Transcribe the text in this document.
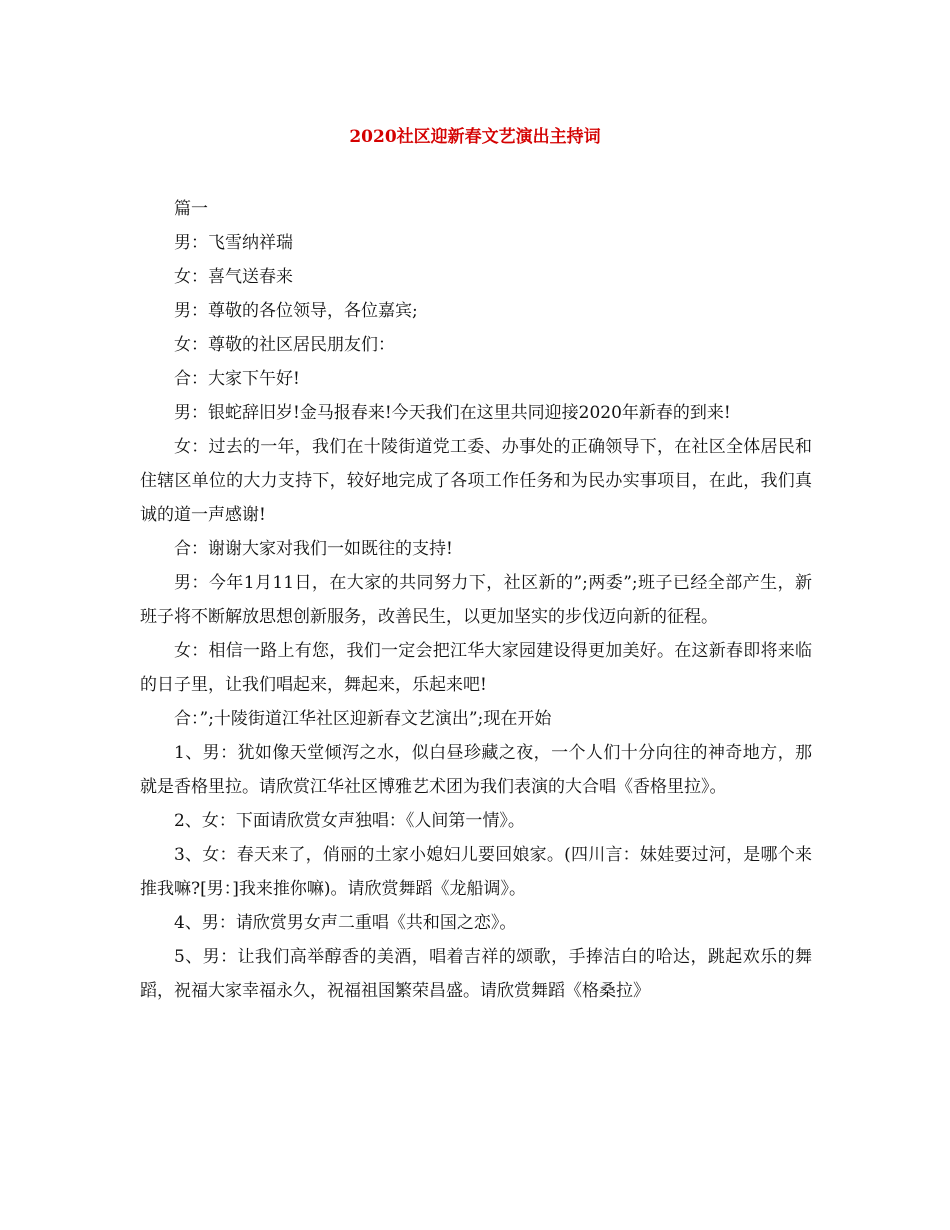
2020社区迎新春文艺演出主持词

篇一

男：飞雪纳祥瑞

女：喜气送春来

男：尊敬的各位领导，各位嘉宾;

女：尊敬的社区居民朋友们：

合：大家下午好!

男：银蛇辞旧岁!金马报春来!今天我们在这里共同迎接2020年新春的到来!

女：过去的一年，我们在十陵街道党工委、办事处的正确领导下，在社区全体居民和住辖区单位的大力支持下，较好地完成了各项工作任务和为民办实事项目，在此，我们真诚的道一声感谢!

合：谢谢大家对我们一如既往的支持!

男：今年1月11日，在大家的共同努力下，社区新的”;两委”;班子已经全部产生，新班子将不断解放思想创新服务，改善民生，以更加坚实的步伐迈向新的征程。

女：相信一路上有您，我们一定会把江华大家园建设得更加美好。在这新春即将来临的日子里，让我们唱起来，舞起来，乐起来吧!

合：”;十陵街道江华社区迎新春文艺演出”;现在开始

1、男：犹如像天堂倾泻之水，似白昼珍藏之夜，一个人们十分向往的神奇地方，那就是香格里拉。请欣赏江华社区博雅艺术团为我们表演的大合唱《香格里拉》。

2、女：下面请欣赏女声独唱：《人间第一情》。

3、女：春天来了，俏丽的土家小媳妇儿要回娘家。(四川言：妹娃要过河，是哪个来推我嘛?[男：]我来推你嘛)。请欣赏舞蹈《龙船调》。

4、男：请欣赏男女声二重唱《共和国之恋》。

5、男：让我们高举醇香的美酒，唱着吉祥的颂歌，手捧洁白的哈达，跳起欢乐的舞蹈，祝福大家幸福永久，祝福祖国繁荣昌盛。请欣赏舞蹈《格桑拉》
